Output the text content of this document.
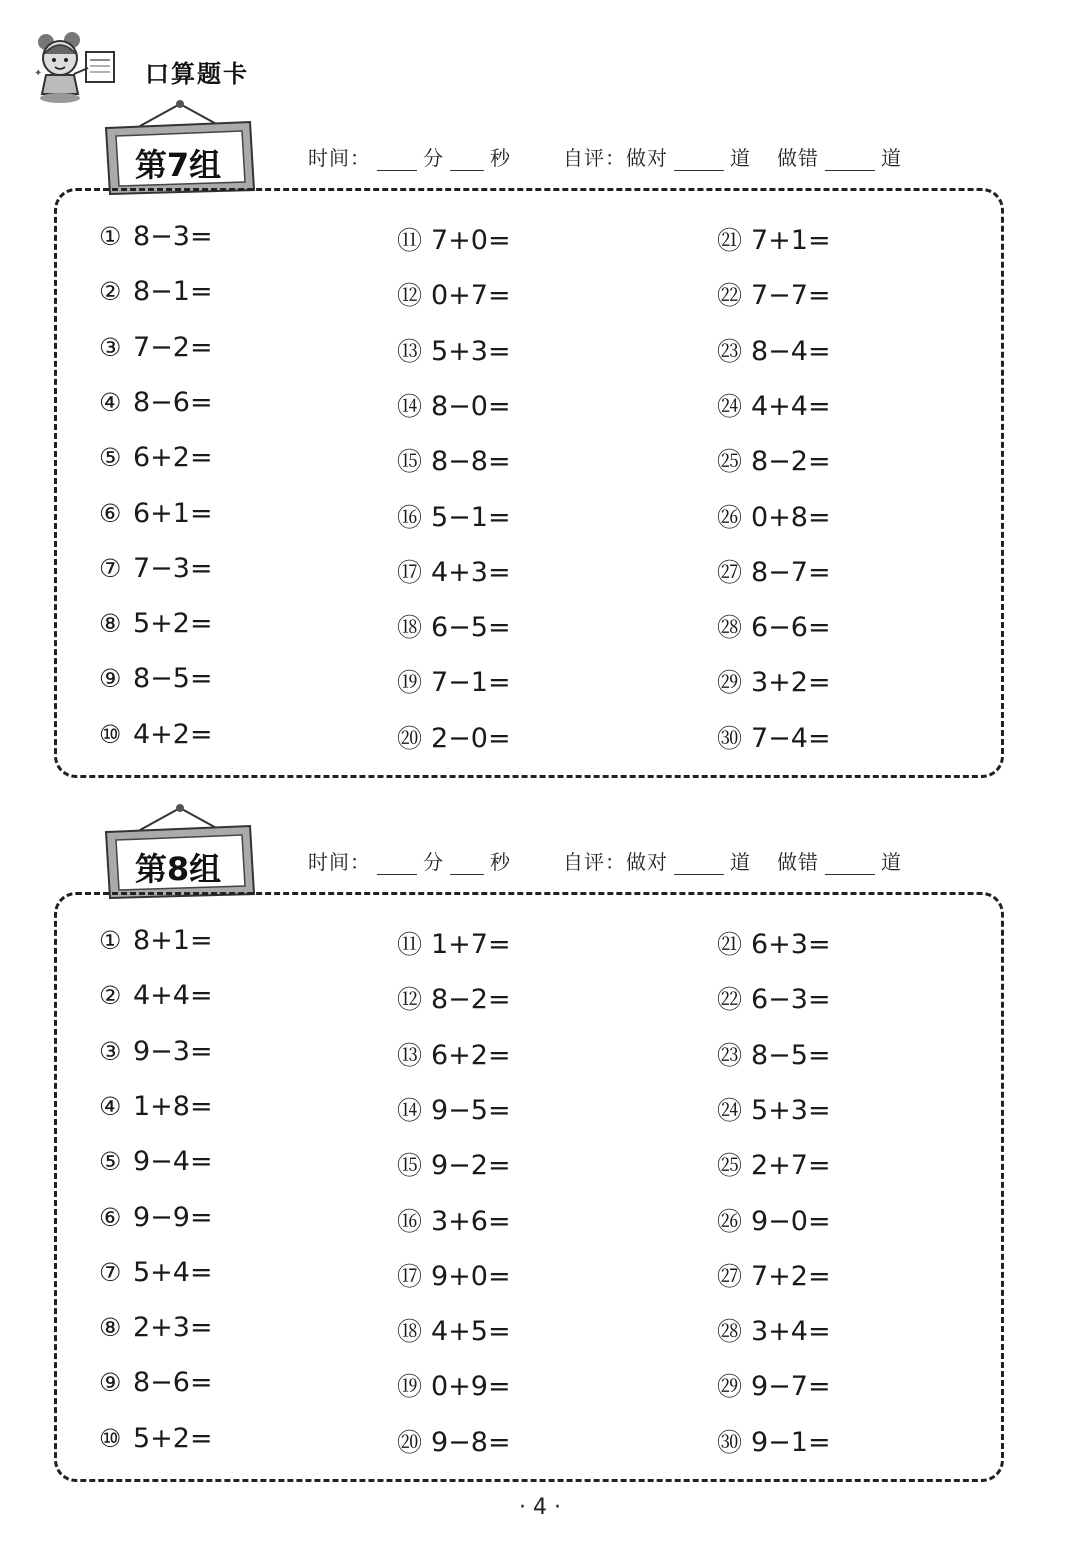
✦	口算题卡
第7组	时间：	分 秒	自评：做对	道 做错	道
① 8−3=
② 8−1=
③ 7−2=
④ 8−6=
⑤ 6+2=
⑥ 6+1=
⑦ 7−3=
⑧ 5+2=
⑨ 8−5=
⑩ 4+2=
⑪ 7+0=
⑫ 0+7=
⑬ 5+3=
⑭ 8−0=
⑮ 8−8=
⑯ 5−1=
⑰ 4+3=
⑱ 6−5=
⑲ 7−1=
⑳ 2−0=
㉑ 7+1=
㉒ 7−7=
㉓ 8−4=
㉔ 4+4=
㉕ 8−2=
㉖ 0+8=
㉗ 8−7=
㉘ 6−6=
㉙ 3+2=
㉚ 7−4=
第8组	时间：	分 秒	自评：做对	道 做错	道
① 8+1=
② 4+4=
③ 9−3=
④ 1+8=
⑤ 9−4=
⑥ 9−9=
⑦ 5+4=
⑧ 2+3=
⑨ 8−6=
⑩ 5+2=
⑪ 1+7=
⑫ 8−2=
⑬ 6+2=
⑭ 9−5=
⑮ 9−2=
⑯ 3+6=
⑰ 9+0=
⑱ 4+5=
⑲ 0+9=
⑳ 9−8=
㉑ 6+3=
㉒ 6−3=
㉓ 8−5=
㉔ 5+3=
㉕ 2+7=
㉖ 9−0=
㉗ 7+2=
㉘ 3+4=
㉙ 9−7=
㉚ 9−1=
· 4 ·
